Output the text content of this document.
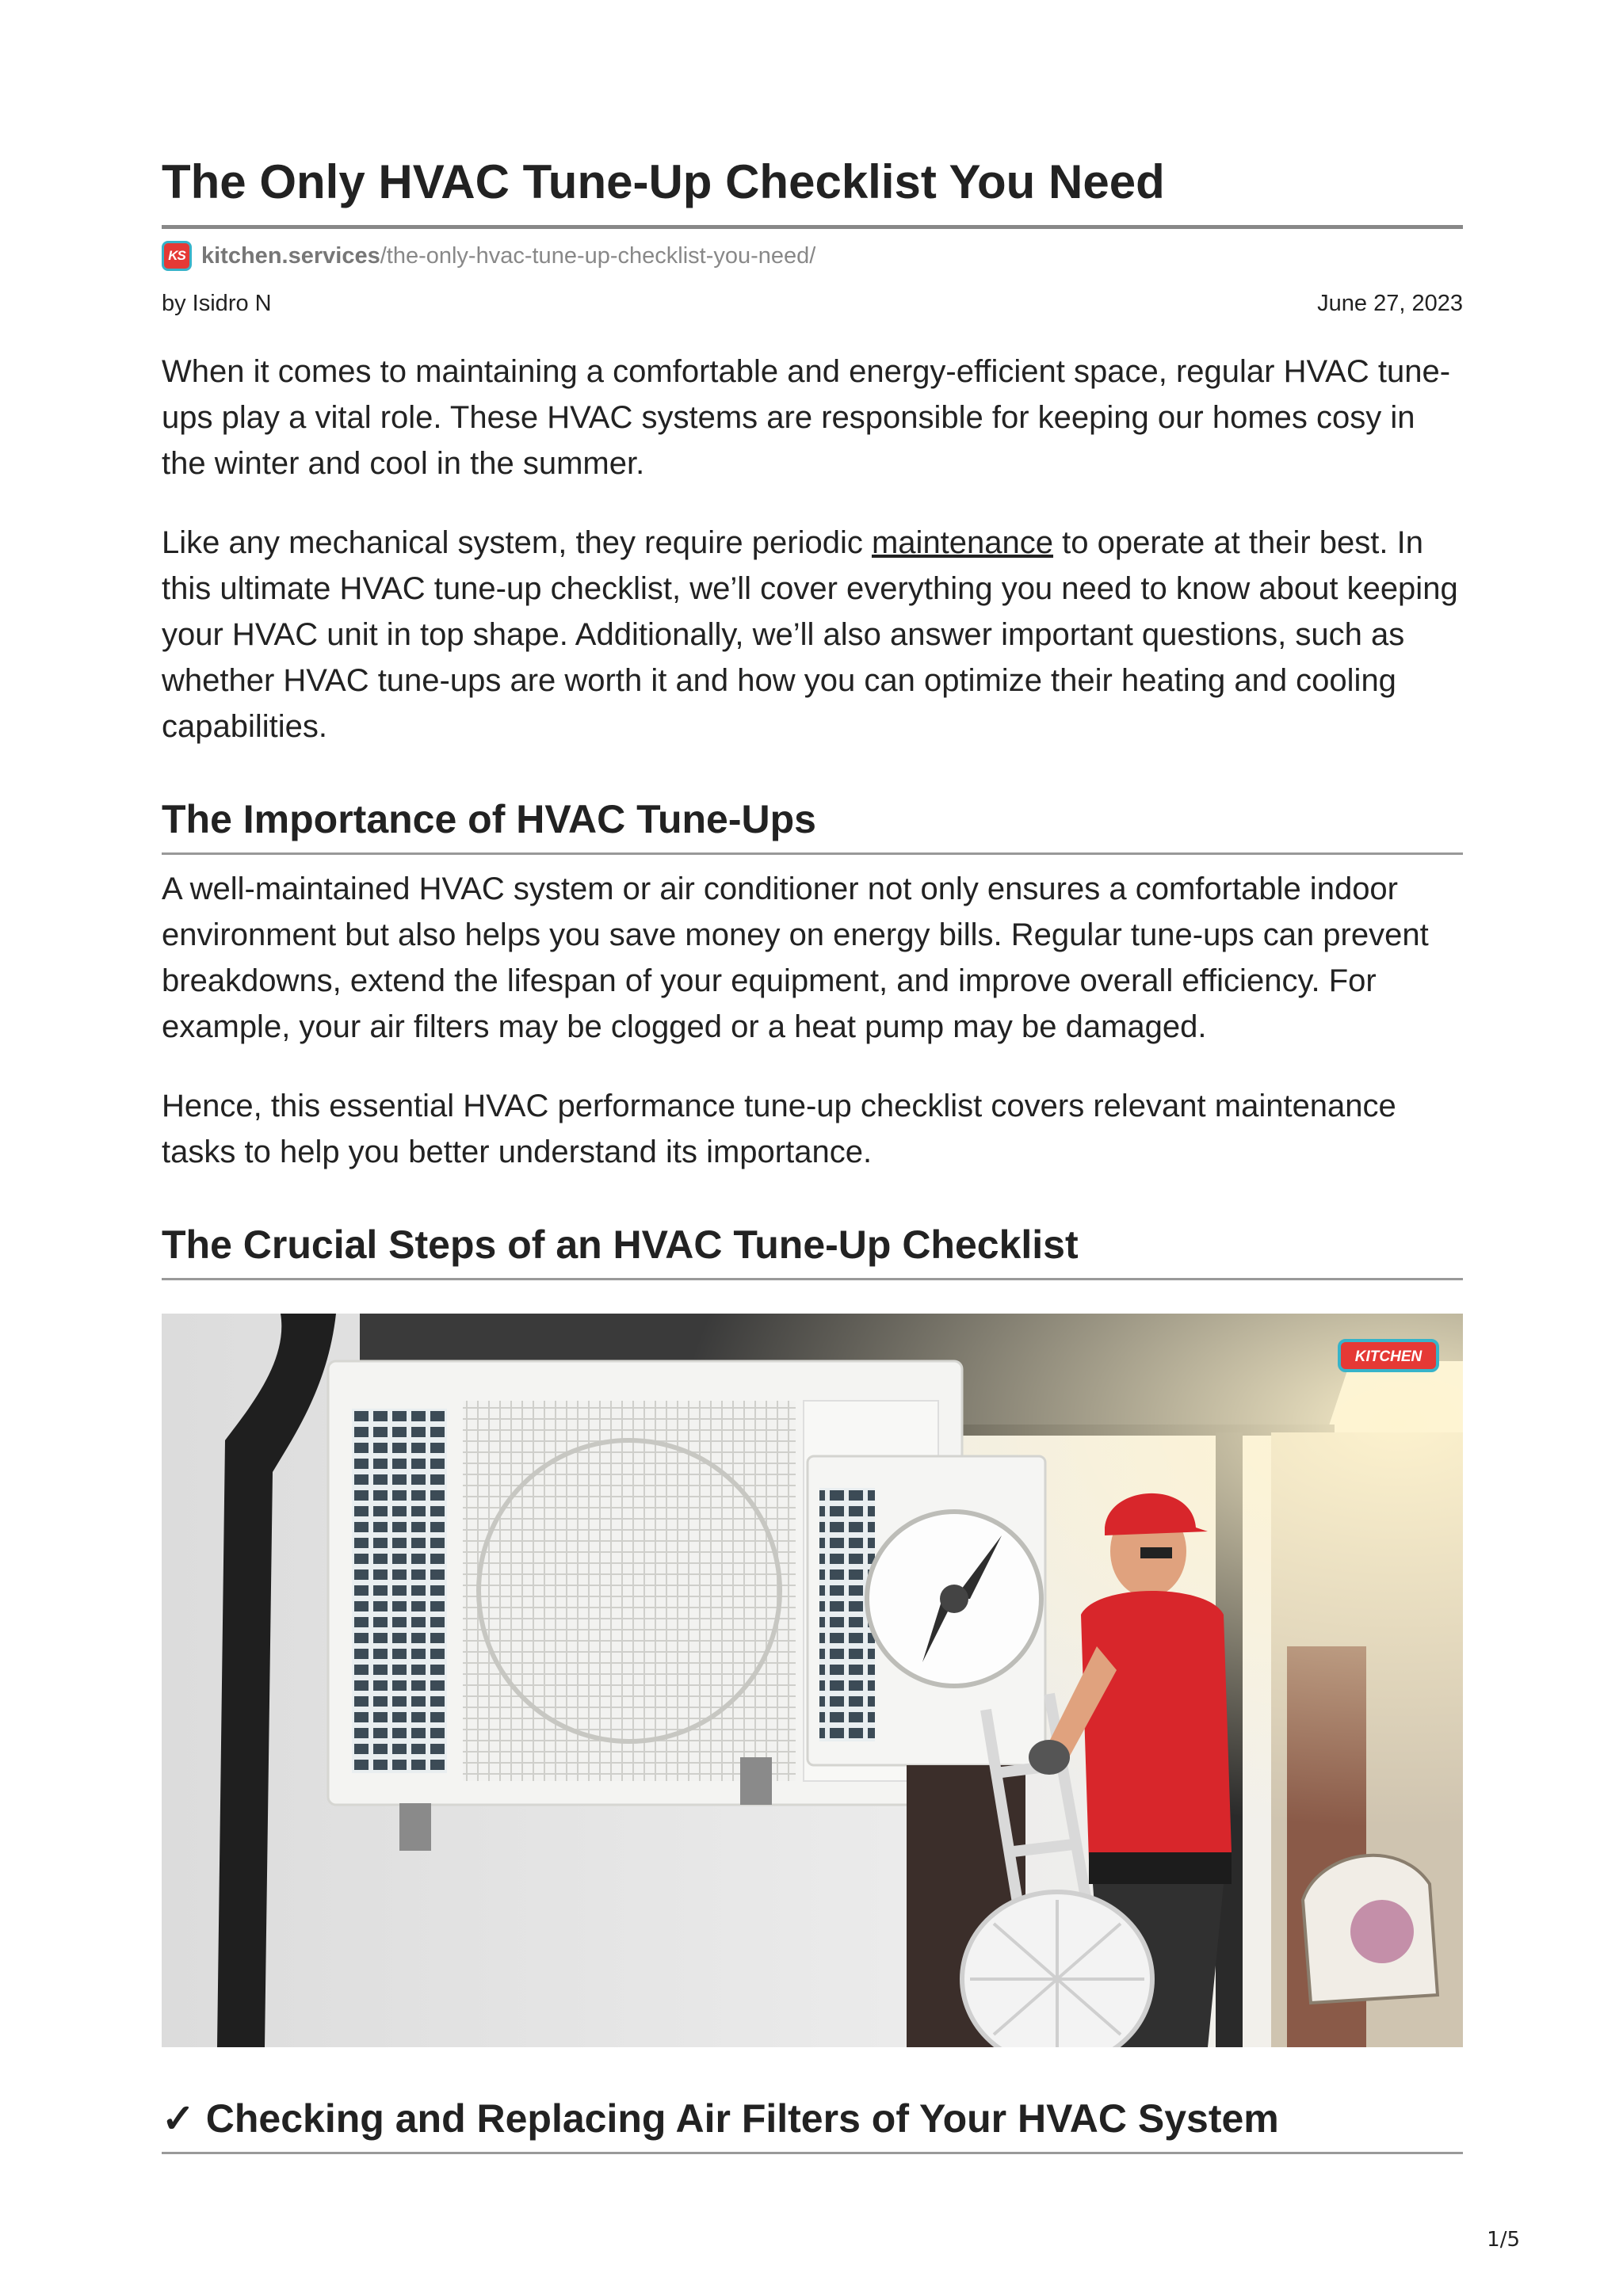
The Only HVAC Tune-Up Checklist You Need
KS kitchen.services /the-only-hvac-tune-up-checklist-you-need/
by Isidro N	June 27, 2023

When it comes to maintaining a comfortable and energy-efficient space, regular HVAC tune-ups play a vital role. These HVAC systems are responsible for keeping our homes cosy in the winter and cool in the summer.

Like any mechanical system, they require periodic maintenance to operate at their best. In this ultimate HVAC tune-up checklist, we’ll cover everything you need to know about keeping your HVAC unit in top shape. Additionally, we’ll also answer important questions, such as whether HVAC tune-ups are worth it and how you can optimize their heating and cooling capabilities.

The Importance of HVAC Tune-Ups

A well-maintained HVAC system or air conditioner not only ensures a comfortable indoor environment but also helps you save money on energy bills. Regular tune-ups can prevent breakdowns, extend the lifespan of your equipment, and improve overall efficiency. For example, your air filters may be clogged or a heat pump may be damaged.

Hence, this essential HVAC performance tune-up checklist covers relevant maintenance tasks to help you better understand its importance.

The Crucial Steps of an HVAC Tune-Up Checklist
KITCHEN
✓ Checking and Replacing Air Filters of Your HVAC System
1/5
